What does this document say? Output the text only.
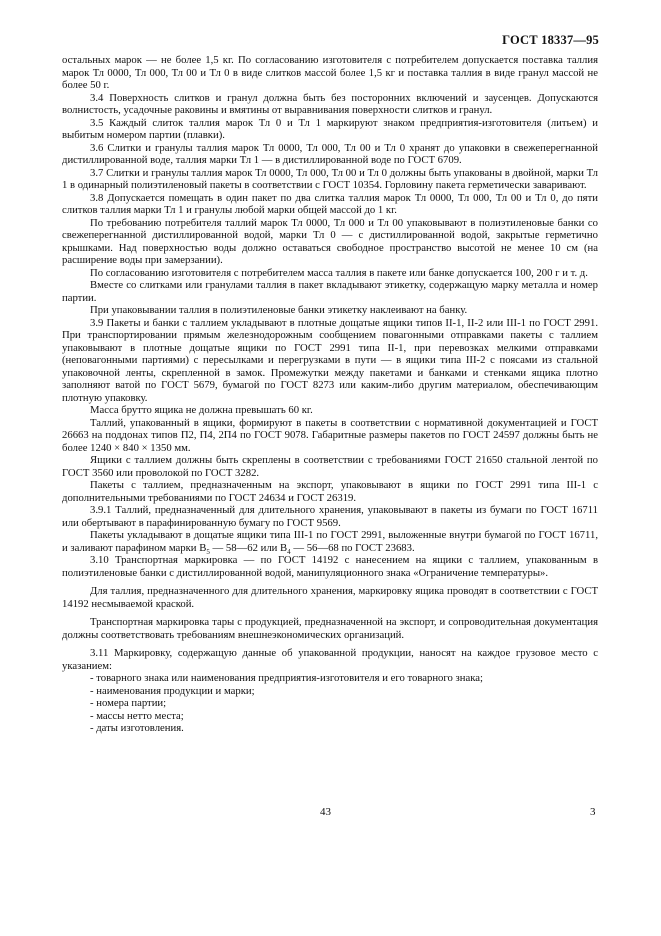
ГОСТ 18337—95

остальных марок — не более 1,5 кг. По согласованию изготовителя с потребителем допускается поставка таллия марок Тл 0000, Тл 000, Тл 00 и Тл 0 в виде слитков массой более 1,5 кг и поставка таллия в виде гранул массой не более 50 г.

3.4 Поверхность слитков и гранул должна быть без посторонних включений и заусенцев. Допускаются волнистость, усадочные раковины и вмятины от выравнивания поверхности слитков и гранул.

3.5 Каждый слиток таллия марок Тл 0 и Тл 1 маркируют знаком предприятия-изготовителя (литьем) и выбитым номером партии (плавки).

3.6 Слитки и гранулы таллия марок Тл 0000, Тл 000, Тл 00 и Тл 0 хранят до упаковки в свежеперегнанной дистиллированной воде, таллия марки Тл 1 — в дистиллированной воде по ГОСТ 6709.

3.7 Слитки и гранулы таллия марок Тл 0000, Тл 000, Тл 00 и Тл 0 должны быть упакованы в двойной, марки Тл 1 в одинарный полиэтиленовый пакеты в соответствии с ГОСТ 10354. Горловину пакета герметически заваривают.

3.8 Допускается помещать в один пакет по два слитка таллия марок Тл 0000, Тл 000, Тл 00 и Тл 0, до пяти слитков таллия марки Тл 1 и гранулы любой марки общей массой до 1 кг.

По требованию потребителя таллий марок Тл 0000, Тл 000 и Тл 00 упаковывают в полиэтиленовые банки со свежеперегнанной дистиллированной водой, марки Тл 0 — с дистиллированной водой, закрытые герметично крышками. Над поверхностью воды должно оставаться свободное пространство высотой не менее 10 см (на расширение воды при замерзании).

По согласованию изготовителя с потребителем масса таллия в пакете или банке допускается 100, 200 г и т. д.

Вместе со слитками или гранулами таллия в пакет вкладывают этикетку, содержащую марку металла и номер партии.

При упаковывании таллия в полиэтиленовые банки этикетку наклеивают на банку.

3.9 Пакеты и банки с таллием укладывают в плотные дощатые ящики типов II-1, II-2 или III-1 по ГОСТ 2991. При транспортировании прямым железнодорожным сообщением повагонными отправками пакеты с таллием упаковывают в плотные дощатые ящики по ГОСТ 2991 типа II-1, при перевозках мелкими отправками (неповагонными партиями) с пересылками и перегрузками в пути — в ящики типа III-2 с поясами из стальной упаковочной ленты, скрепленной в замок. Промежутки между пакетами и банками и стенками ящика плотно заполняют ватой по ГОСТ 5679, бумагой по ГОСТ 8273 или каким-либо другим материалом, обеспечивающим плотную упаковку.

Масса брутто ящика не должна превышать 60 кг.

Таллий, упакованный в ящики, формируют в пакеты в соответствии с нормативной документацией и ГОСТ 26663 на поддонах типов П2, П4, 2П4 по ГОСТ 9078. Габаритные размеры пакетов по ГОСТ 24597 должны быть не более 1240 × 840 × 1350 мм.

Ящики с таллием должны быть скреплены в соответствии с требованиями ГОСТ 21650 стальной лентой по ГОСТ 3560 или проволокой по ГОСТ 3282.

Пакеты с таллием, предназначенным на экспорт, упаковывают в ящики по ГОСТ 2991 типа III-1 с дополнительными требованиями по ГОСТ 24634 и ГОСТ 26319.

3.9.1 Таллий, предназначенный для длительного хранения, упаковывают в пакеты из бумаги по ГОСТ 16711 или обертывают в парафинированную бумагу по ГОСТ 9569.

Пакеты укладывают в дощатые ящики типа III-1 по ГОСТ 2991, выложенные внутри бумагой по ГОСТ 16711, и заливают парафином марки $В_5$ — 58—62 или $В_4$ — 56—68 по ГОСТ 23683.

3.10 Транспортная маркировка — по ГОСТ 14192 с нанесением на ящики с таллием, упакованным в полиэтиленовые банки с дистиллированной водой, манипуляционного знака «Ограничение температуры».

Для таллия, предназначенного для длительного хранения, маркировку ящика проводят в соответствии с ГОСТ 14192 несмываемой краской.

Транспортная маркировка тары с продукцией, предназначенной на экспорт, и сопроводительная документация должны соответствовать требованиям внешнеэкономических организаций.

3.11 Маркировку, содержащую данные об упакованной продукции, наносят на каждое грузовое место с указанием:

- товарного знака или наименования предприятия-изготовителя и его товарного знака;

- наименования продукции и марки;

- номера партии;

- массы нетто места;

- даты изготовления.

43	3
